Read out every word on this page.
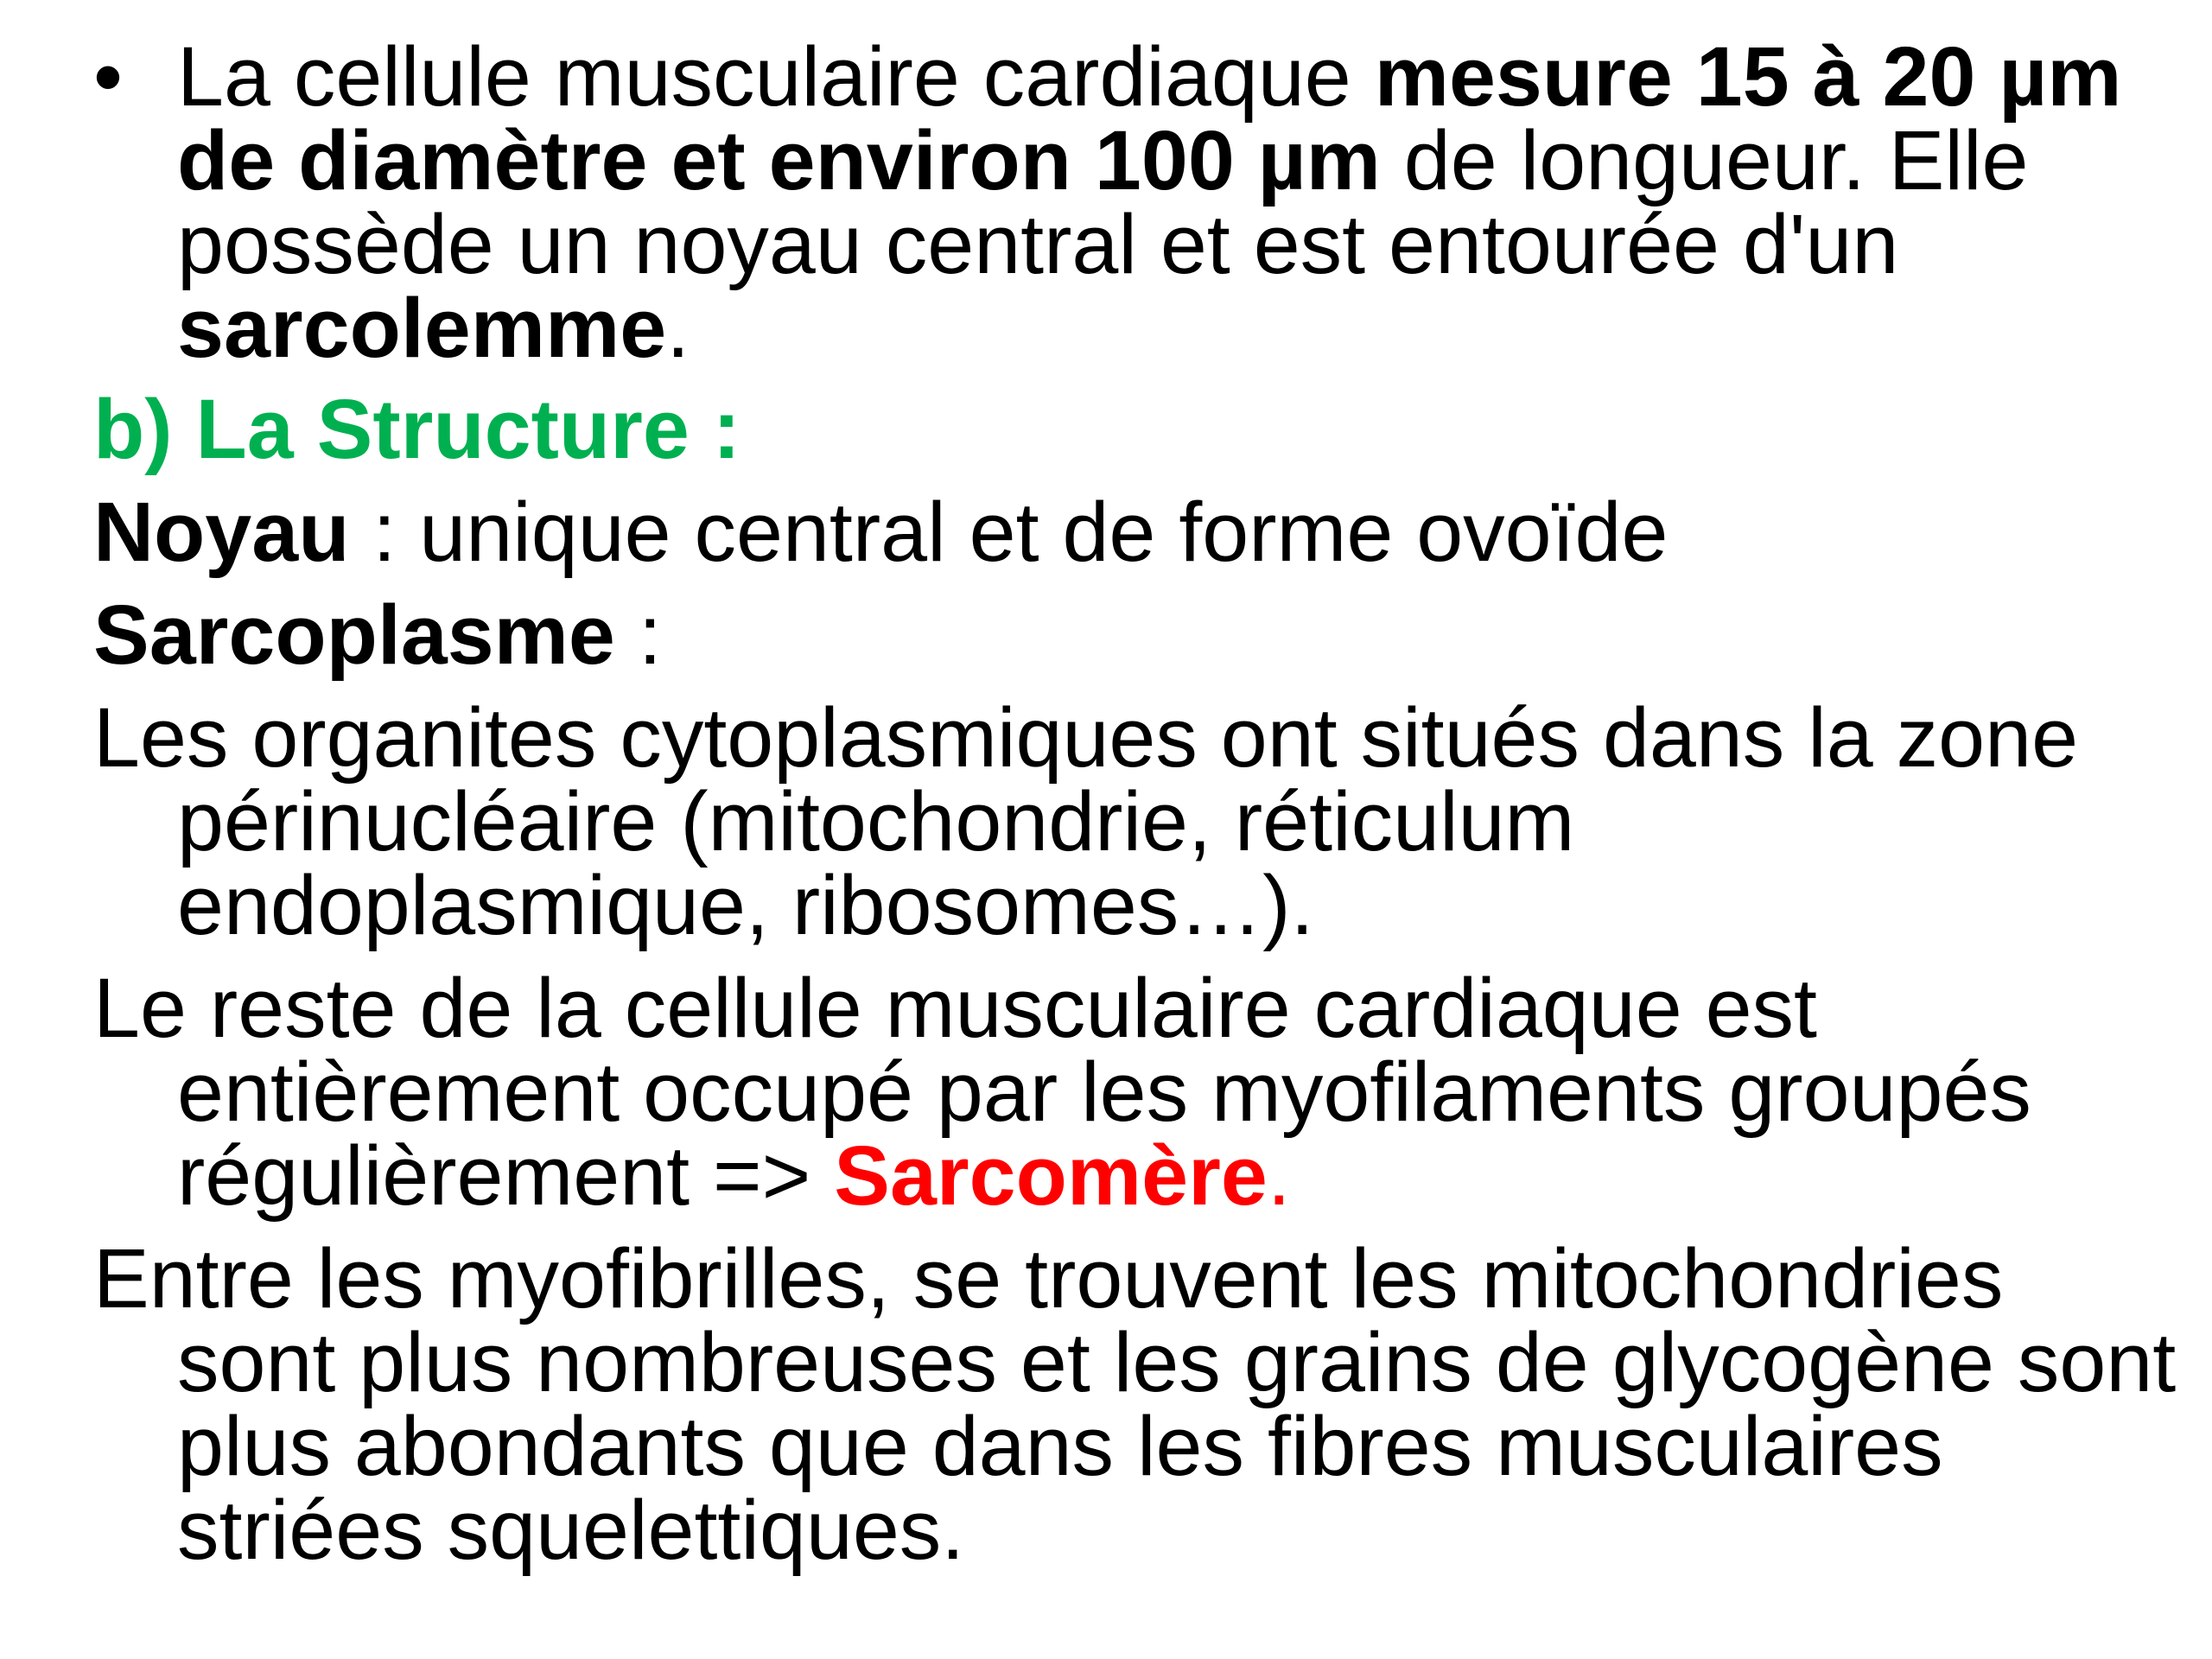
• La cellule musculaire cardiaque mesure 15 à 20 µm de diamètre et environ 100 µm de longueur. Elle possède un noyau central et est entourée d'un sarcolemme.

b) La Structure :

Noyau : unique central et de forme ovoïde

Sarcoplasme :

Les organites cytoplasmiques ont situés dans la zone périnucléaire (mitochondrie, réticulum endoplasmique, ribosomes…).

Le reste de la cellule musculaire cardiaque est entièrement occupé par les myofilaments groupés régulièrement => Sarcomère.

Entre les myofibrilles, se trouvent les mitochondries sont plus nombreuses et les grains de glycogène sont plus abondants que dans les fibres musculaires striées squelettiques.
